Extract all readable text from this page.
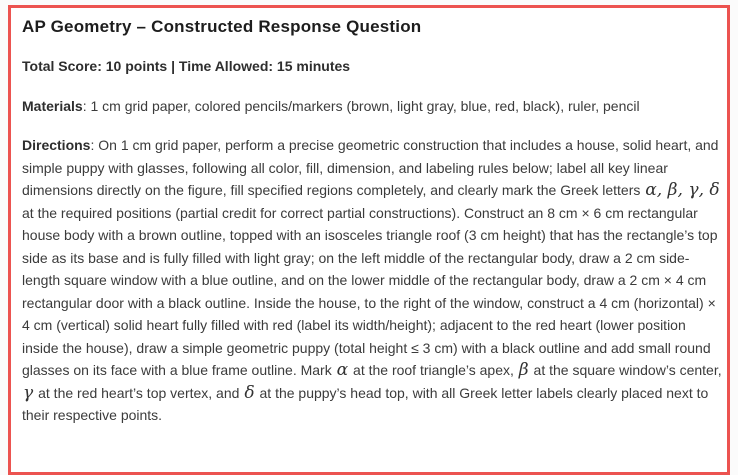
AP Geometry – Constructed Response Question

Total Score: 10 points | Time Allowed: 15 minutes

Materials: 1 cm grid paper, colored pencils/markers (brown, light gray, blue, red, black), ruler, pencil

Directions: On 1 cm grid paper, perform a precise geometric construction that includes a house, solid heart, and simple puppy with glasses, following all color, fill, dimension, and labeling rules below; label all key linear dimensions directly on the figure, fill specified regions completely, and clearly mark the Greek letters α, β, γ, δ at the required positions (partial credit for correct partial constructions). Construct an 8 cm × 6 cm rectangular house body with a brown outline, topped with an isosceles triangle roof (3 cm height) that has the rectangle’s top side as its base and is fully filled with light gray; on the left middle of the rectangular body, draw a 2 cm side-length square window with a blue outline, and on the lower middle of the rectangular body, draw a 2 cm × 4 cm rectangular door with a black outline. Inside the house, to the right of the window, construct a 4 cm (horizontal) × 4 cm (vertical) solid heart fully filled with red (label its width/height); adjacent to the red heart (lower position inside the house), draw a simple geometric puppy (total height ≤ 3 cm) with a black outline and add small round glasses on its face with a blue frame outline. Mark α at the roof triangle’s apex, β at the square window’s center, γ at the red heart’s top vertex, and δ at the puppy’s head top, with all Greek letter labels clearly placed next to their respective points.
